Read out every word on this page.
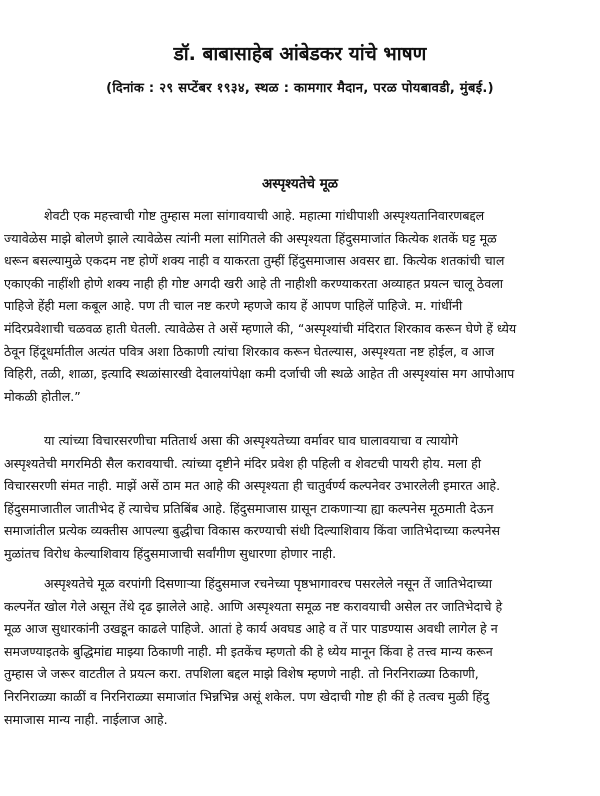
डॉ. बाबासाहेब आंबेडकर यांचे भाषण
(दिनांक : २९ सप्टेंबर १९३४, स्थळ : कामगार मैदान, परळ पोयबावडी, मुंबई.)
अस्पृश्यतेचे मूळ
शेवटी एक महत्त्वाची गोष्ट तुम्हास मला सांगावयाची आहे. महात्मा गांधीपाशी अस्पृश्यतानिवारणबद्दल
ज्यावेळेस माझे बोलणे झाले त्यावेळेस त्यांनी मला सांगितले की अस्पृश्यता हिंदुसमाजांत कित्येक शतकें घट्ट मूळ
धरून बसल्यामुळे एकदम नष्ट होणें शक्य नाही व याकरता तुम्हीं हिंदुसमाजास अवसर द्या. कित्येक शतकांची चाल
एकाएकी नाहींशी होणे शक्य नाही ही गोष्ट अगदी खरी आहे ती नाहीशी करण्याकरता अव्याहत प्रयत्न चालू ठेवला
पाहिजे हेंही मला कबूल आहे. पण ती चाल नष्ट करणे म्हणजे काय हें आपण पाहिलें पाहिजे. म. गांधींनी
मंदिरप्रवेशाची चळवळ हाती घेतली. त्यावेळेस ते असें म्हणाले की, “अस्पृश्यांची मंदिरात शिरकाव करून घेणे हें ध्येय
ठेवून हिंदूधर्मातील अत्यंत पवित्र अशा ठिकाणी त्यांचा शिरकाव करून घेतल्यास, अस्पृश्यता नष्ट होईल, व आज
विहिरी, तळी, शाळा, इत्यादि स्थळांसारखी देवालयांपेक्षा कमी दर्जाची जी स्थळे आहेत ती अस्पृश्यांस मग आपोआप
मोकळी होतील.”
या त्यांच्या विचारसरणीचा मतितार्थ असा की अस्पृश्यतेच्या वर्मावर घाव घालावयाचा व त्यायोगे
अस्पृश्यतेची मगरमिठी सैल करावयाची. त्यांच्या दृष्टीने मंदिर प्रवेश ही पहिली व शेवटची पायरी होय. मला ही
विचारसरणी संमत नाही. माझें असें ठाम मत आहे की अस्पृश्यता ही चातुर्वर्ण्य कल्पनेवर उभारलेली इमारत आहे.
हिंदुसमाजातील जातीभेद हें त्याचेच प्रतिबिंब आहे. हिंदुसमाजास ग्रासून टाकणाऱ्या ह्या कल्पनेस मूठमाती देऊन
समाजांतील प्रत्येक व्यक्तीस आपल्या बुद्धीचा विकास करण्याची संधी दिल्याशिवाय किंवा जातिभेदाच्या कल्पनेस
मुळांतच विरोध केल्याशिवाय हिंदुसमाजाची सर्वांगीण सुधारणा होणार नाही.
अस्पृश्यतेचे मूळ वरपांगी दिसणाऱ्या हिंदुसमाज रचनेच्या पृष्ठभागावरच पसरलेले नसून तें जातिभेदाच्या
कल्पनेंत खोल गेले असून तेंथे दृढ झालेले आहे. आणि अस्पृश्यता समूळ नष्ट करावयाची असेल तर जातिभेदाचे हे
मूळ आज सुधारकांनी उखडून काढले पाहिजे. आतां हे कार्य अवघड आहे व तें पार पाडण्यास अवधी लागेल हे न
समजण्याइतके बुद्धिमांद्य माझ्या ठिकाणी नाही. मी इतकेंच म्हणतो की हे ध्येय मानून किंवा हे तत्त्व मान्य करून
तुम्हास जे जरूर वाटतील ते प्रयत्न करा. तपशिला बद्दल माझे विशेष म्हणणे नाही. तो निरनिराळ्या ठिकाणी,
निरनिराळ्या काळीं व निरनिराळ्या समाजांत भिन्नभिन्न असूं शकेल. पण खेदाची गोष्ट ही कीं हे तत्वच मुळी हिंदु
समाजास मान्य नाही. नाईलाज आहे.
